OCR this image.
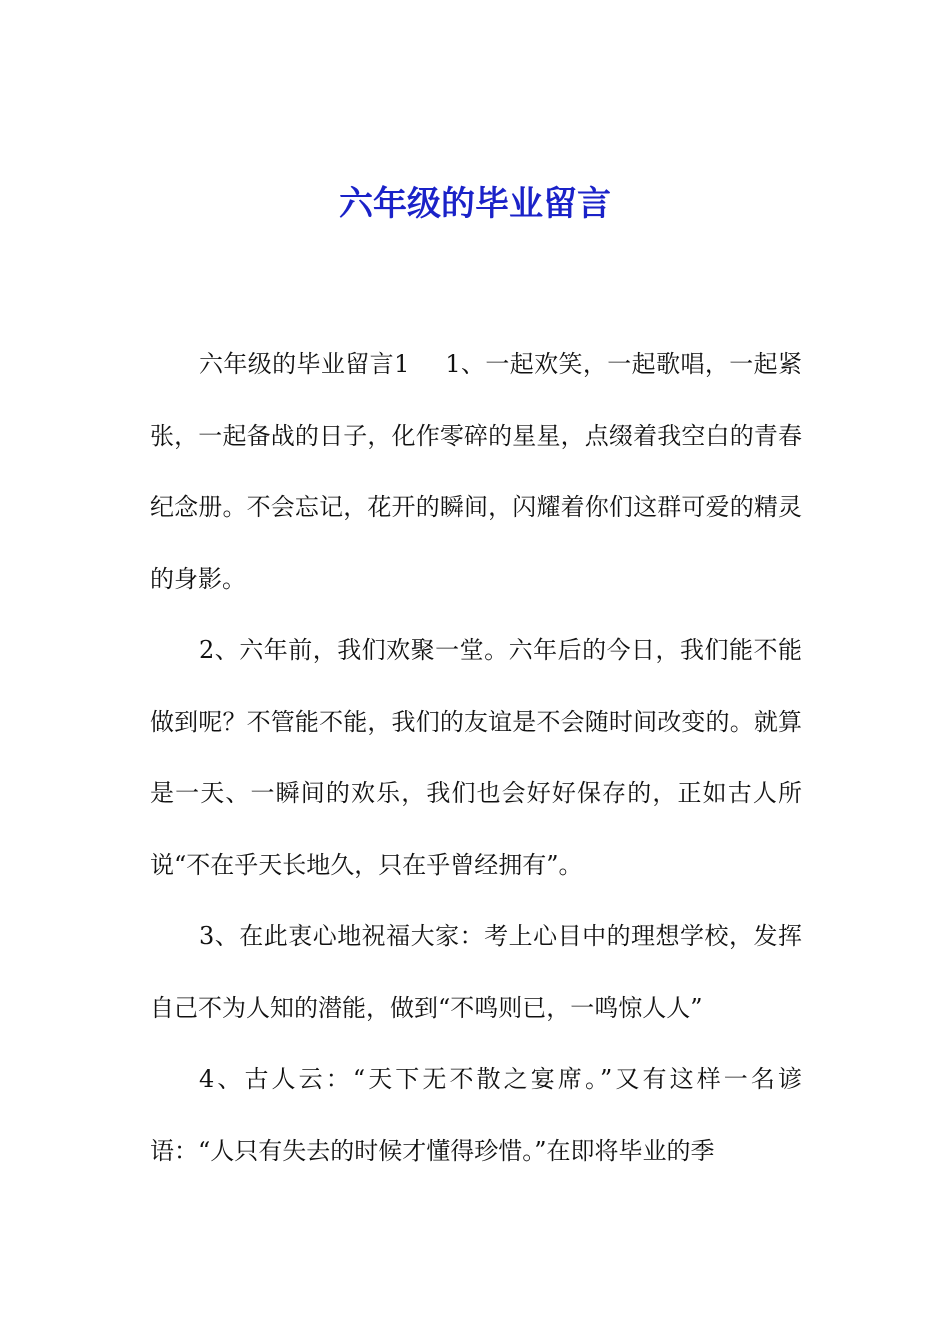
六年级的毕业留言

六年级的毕业留言1 1、一起欢笑，一起歌唱，一起紧张，一起备战的日子，化作零碎的星星，点缀着我空白的青春纪念册。不会忘记，花开的瞬间，闪耀着你们这群可爱的精灵的身影。

2、六年前，我们欢聚一堂。六年后的今日，我们能不能做到呢？不管能不能，我们的友谊是不会随时间改变的。就算是一天、一瞬间的欢乐，我们也会好好保存的，正如古人所说“不在乎天长地久，只在乎曾经拥有”。

3、在此衷心地祝福大家：考上心目中的理想学校，发挥自己不为人知的潜能，做到“不鸣则已，一鸣惊人人”

4、古人云：“天下无不散之宴席。”又有这样一名谚语：“人只有失去的时候才懂得珍惜。”在即将毕业的季
